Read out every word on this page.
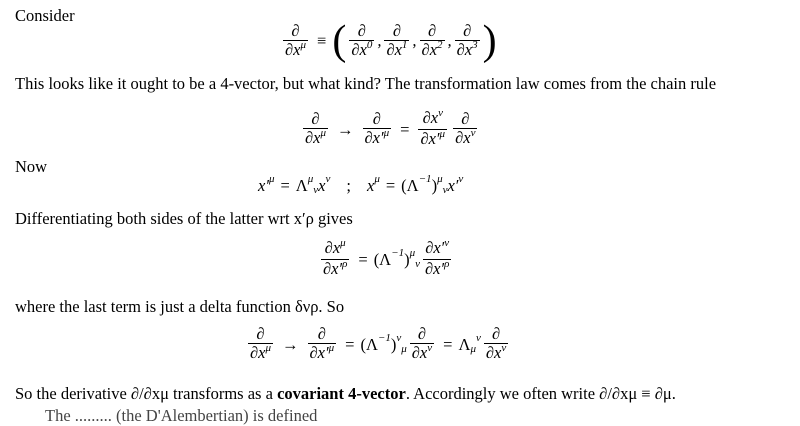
Consider
$\frac{\partial}{\partial x^\mu}$ ≡ ( $\frac{\partial}{\partial x^0}$ , $\frac{\partial}{\partial x^1}$ , $\frac{\partial}{\partial x^2}$ , $\frac{\partial}{\partial x^3}$ )
This looks like it ought to be a 4-vector, but what kind? The transformation law comes from the chain rule
$\frac{\partial}{\partial x^\mu} \to \frac{\partial}{\partial x'^\mu} = \frac{\partial x^\nu}{\partial x'^\mu} \frac{\partial}{\partial x^\nu}$
Now
x′ μ = Λ μ
ν x ν ; x μ = (Λ −1 ) μ
ν x′ ν
Differentiating both sides of the latter wrt x′ρ gives
$\frac{\partial x^\mu}{\partial x'^\rho} = (\Lambda -1$ ) μ
ν $\frac{\partial x'^\nu}{\partial x'^\rho}$
where the last term is just a delta function δνρ. So
$\frac{\partial}{\partial x^\mu} \to \frac{\partial}{\partial x'^\mu} = (\Lambda -1$ ) ν
μ $\frac{\partial}{\partial x^\nu} = \Lambda$ μ
ν $\frac{\partial}{\partial x^\nu}$
So the derivative ∂/∂xμ transforms as a covariant 4-vector. Accordingly we often write ∂/∂xμ ≡ ∂μ.
The ......... (the D'Alembertian) is defined
